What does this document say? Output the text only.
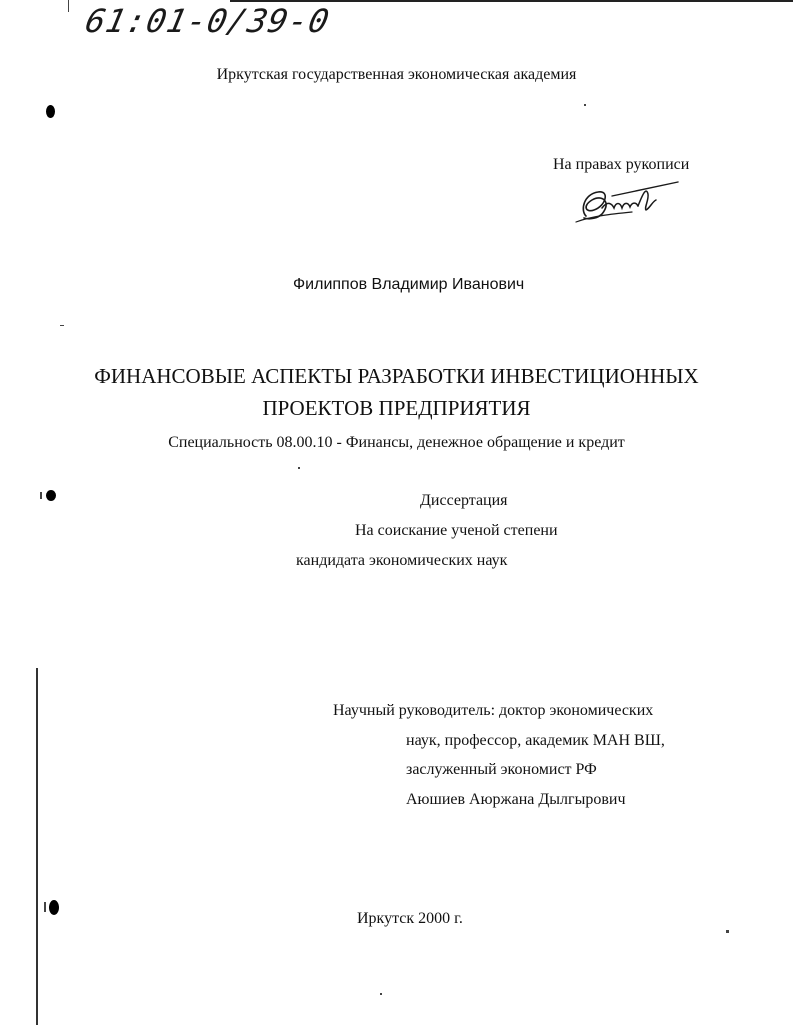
61:01-0/39-0
Иркутская государственная экономическая академия
На правах рукописи
Филиппов Владимир Иванович
ФИНАНСОВЫЕ АСПЕКТЫ РАЗРАБОТКИ ИНВЕСТИЦИОННЫХ
ПРОЕКТОВ ПРЕДПРИЯТИЯ
Специальность 08.00.10 - Финансы, денежное обращение и кредит
Диссертация
На соискание ученой степени
кандидата экономических наук
Научный руководитель: доктор экономических
наук, профессор, академик МАН ВШ,
заслуженный экономист РФ
Аюшиев Аюржана Дылгырович
Иркутск 2000 г.
